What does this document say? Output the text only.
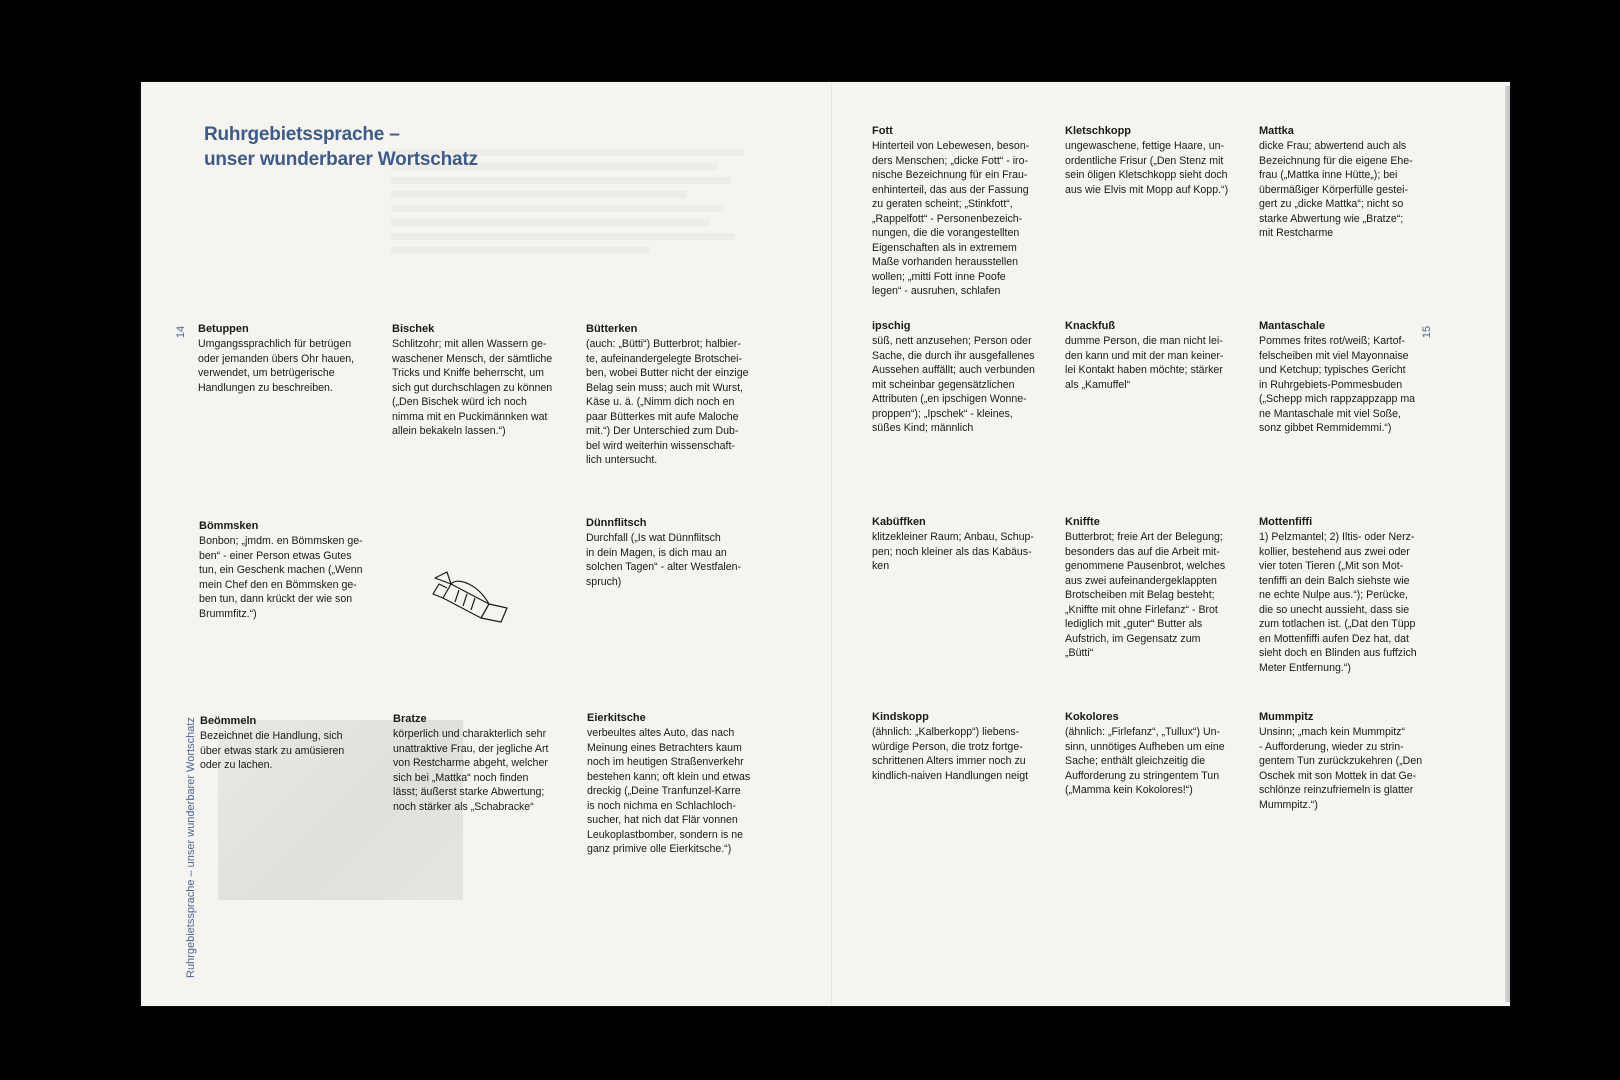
Ruhrgebietssprache –
unser wunderbarer Wortschatz
14	15
Ruhrgebietssprache – unser wunderbarer Wortschatz
Betuppen
Umgangssprachlich für betrügen
oder jemanden übers Ohr hauen,
verwendet, um betrügerische
Handlungen zu beschreiben.
Bischek
Schlitzohr; mit allen Wassern ge-
waschener Mensch, der sämtliche
Tricks und Kniffe beherrscht, um
sich gut durchschlagen zu können
(„Den Bischek würd ich noch
nimma mit en Puckimännken wat
allein bekakeln lassen.“)
Bütterken
(auch: „Bütti“) Butterbrot; halbier-
te, aufeinandergelegte Brotschei-
ben, wobei Butter nicht der einzige
Belag sein muss; auch mit Wurst,
Käse u. ä. („Nimm dich noch en
paar Bütterkes mit aufe Maloche
mit.“) Der Unterschied zum Dub-
bel wird weiterhin wissenschaft-
lich untersucht.
Bömmsken
Bonbon; „jmdm. en Bömmsken ge-
ben“ - einer Person etwas Gutes
tun, ein Geschenk machen („Wenn
mein Chef den en Bömmsken ge-
ben tun, dann krückt der wie son
Brummfitz.“)
Dünnflitsch
Durchfall („Is wat Dünnflitsch
in dein Magen, is dich mau an
solchen Tagen“ - alter Westfalen-
spruch)
Beömmeln
Bezeichnet die Handlung, sich
über etwas stark zu amüsieren
oder zu lachen.
Bratze
körperlich und charakterlich sehr
unattraktive Frau, der jegliche Art
von Restcharme abgeht, welcher
sich bei „Mattka“ noch finden
lässt; äußerst starke Abwertung;
noch stärker als „Schabracke“
Eierkitsche
verbeultes altes Auto, das nach
Meinung eines Betrachters kaum
noch im heutigen Straßenverkehr
bestehen kann; oft klein und etwas
dreckig („Deine Tranfunzel-Karre
is noch nichma en Schlachloch-
sucher, hat nich dat Flär vonnen
Leukoplastbomber, sondern is ne
ganz primive olle Eierkitsche.“)
Fott
Hinterteil von Lebewesen, beson-
ders Menschen; „dicke Fott“ - iro-
nische Bezeichnung für ein Frau-
enhinterteil, das aus der Fassung
zu geraten scheint; „Stinkfott“,
„Rappelfott“ - Personenbezeich-
nungen, die die vorangestellten
Eigenschaften als in extremem
Maße vorhanden herausstellen
wollen; „mitti Fott inne Poofe
legen“ - ausruhen, schlafen
Kletschkopp
ungewaschene, fettige Haare, un-
ordentliche Frisur („Den Stenz mit
sein öligen Kletschkopp sieht doch
aus wie Elvis mit Mopp auf Kopp.“)
Mattka
dicke Frau; abwertend auch als
Bezeichnung für die eigene Ehe-
frau („Mattka inne Hütte„); bei
übermäßiger Körperfülle gestei-
gert zu „dicke Mattka“; nicht so
starke Abwertung wie „Bratze“;
mit Restcharme
ipschig
süß, nett anzusehen; Person oder
Sache, die durch ihr ausgefallenes
Aussehen auffällt; auch verbunden
mit scheinbar gegensätzlichen
Attributen („en ipschigen Wonne-
proppen“); „Ipschek“ - kleines,
süßes Kind; männlich
Knackfuß
dumme Person, die man nicht lei-
den kann und mit der man keiner-
lei Kontakt haben möchte; stärker
als „Kamuffel“
Mantaschale
Pommes frites rot/weiß; Kartof-
felscheiben mit viel Mayonnaise
und Ketchup; typisches Gericht
in Ruhrgebiets-Pommesbuden
(„Schepp mich rappzappzapp ma
ne Mantaschale mit viel Soße,
sonz gibbet Remmidemmi.“)
Kabüffken
klitzekleiner Raum; Anbau, Schup-
pen; noch kleiner als das Kabäus-
ken
Kniffte
Butterbrot; freie Art der Belegung;
besonders das auf die Arbeit mit-
genommene Pausenbrot, welches
aus zwei aufeinandergeklappten
Brotscheiben mit Belag besteht;
„Kniffte mit ohne Firlefanz“ - Brot
lediglich mit „guter“ Butter als
Aufstrich, im Gegensatz zum
„Bütti“
Mottenfiffi
1) Pelzmantel; 2) Iltis- oder Nerz-
kollier, bestehend aus zwei oder
vier toten Tieren („Mit son Mot-
tenfiffi an dein Balch siehste wie
ne echte Nulpe aus.“); Perücke,
die so unecht aussieht, dass sie
zum totlachen ist. („Dat den Tüpp
en Mottenfiffi aufen Dez hat, dat
sieht doch en Blinden aus fuffzich
Meter Entfernung.“)
Kindskopp
(ähnlich: „Kalberkopp“) liebens-
würdige Person, die trotz fortge-
schrittenen Alters immer noch zu
kindlich-naiven Handlungen neigt
Kokolores
(ähnlich: „Firlefanz“, „Tullux“) Un-
sinn, unnötiges Aufheben um eine
Sache; enthält gleichzeitig die
Aufforderung zu stringentem Tun
(„Mamma kein Kokolores!“)
Mummpitz
Unsinn; „mach kein Mummpitz“
- Aufforderung, wieder zu strin-
gentem Tun zurückzukehren („Den
Oschek mit son Mottek in dat Ge-
schlönze reinzufriemeln is glatter
Mummpitz.“)
